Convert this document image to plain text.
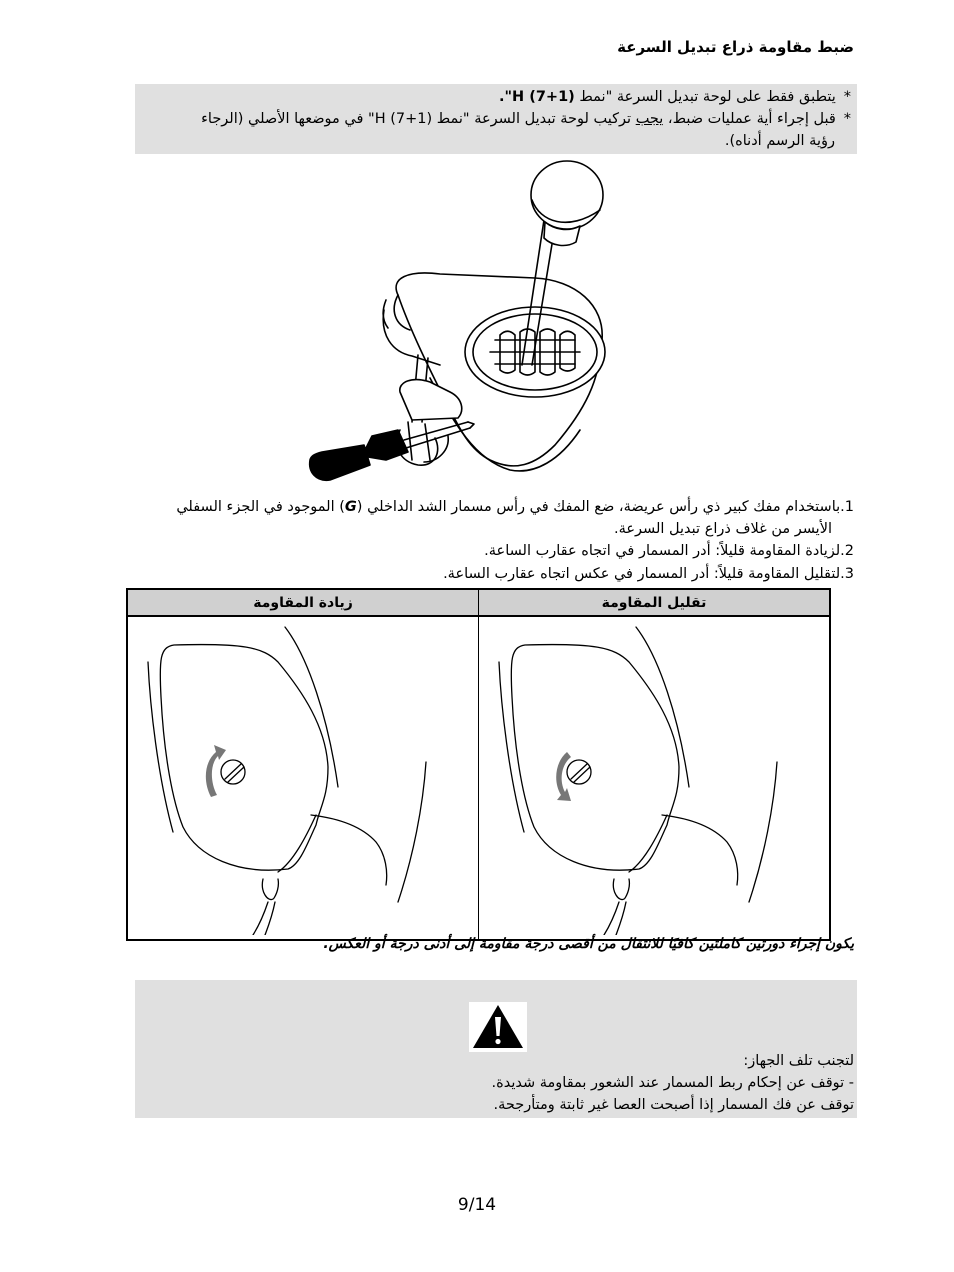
ضبط مقاومة ذراع تبديل السرعة
*يتطبق فقط على لوحة تبديل السرعة "نمط H (7+1)".
*قبل إجراء أية عمليات ضبط، يجب تركيب لوحة تبديل السرعة "نمط H (7+1)" في موضعها الأصلي (الرجاء
رؤية الرسم أدناه).
1.باستخدام مفك كبير ذي رأس عريضة، ضع المفك في رأس مسمار الشد الداخلي (G) الموجود في الجزء السفلي
الأيسر من غلاف ذراع تبديل السرعة.
2.لزيادة المقاومة قليلاً: أدر المسمار في اتجاه عقارب الساعة.
3.لتقليل المقاومة قليلاً: أدر المسمار في عكس اتجاه عقارب الساعة.
زيادة المقاومة	تقليل المقاومة

يكون إجراء دورتين كاملتين كافيًا للانتقال من أقصى درجة مقاومة إلى أدنى درجة أو العكس.
لتجنب تلف الجهاز:
- توقف عن إحكام ربط المسمار عند الشعور بمقاومة شديدة.
توقف عن فك المسمار إذا أصبحت العصا غير ثابتة ومتأرجحة.
9/14
